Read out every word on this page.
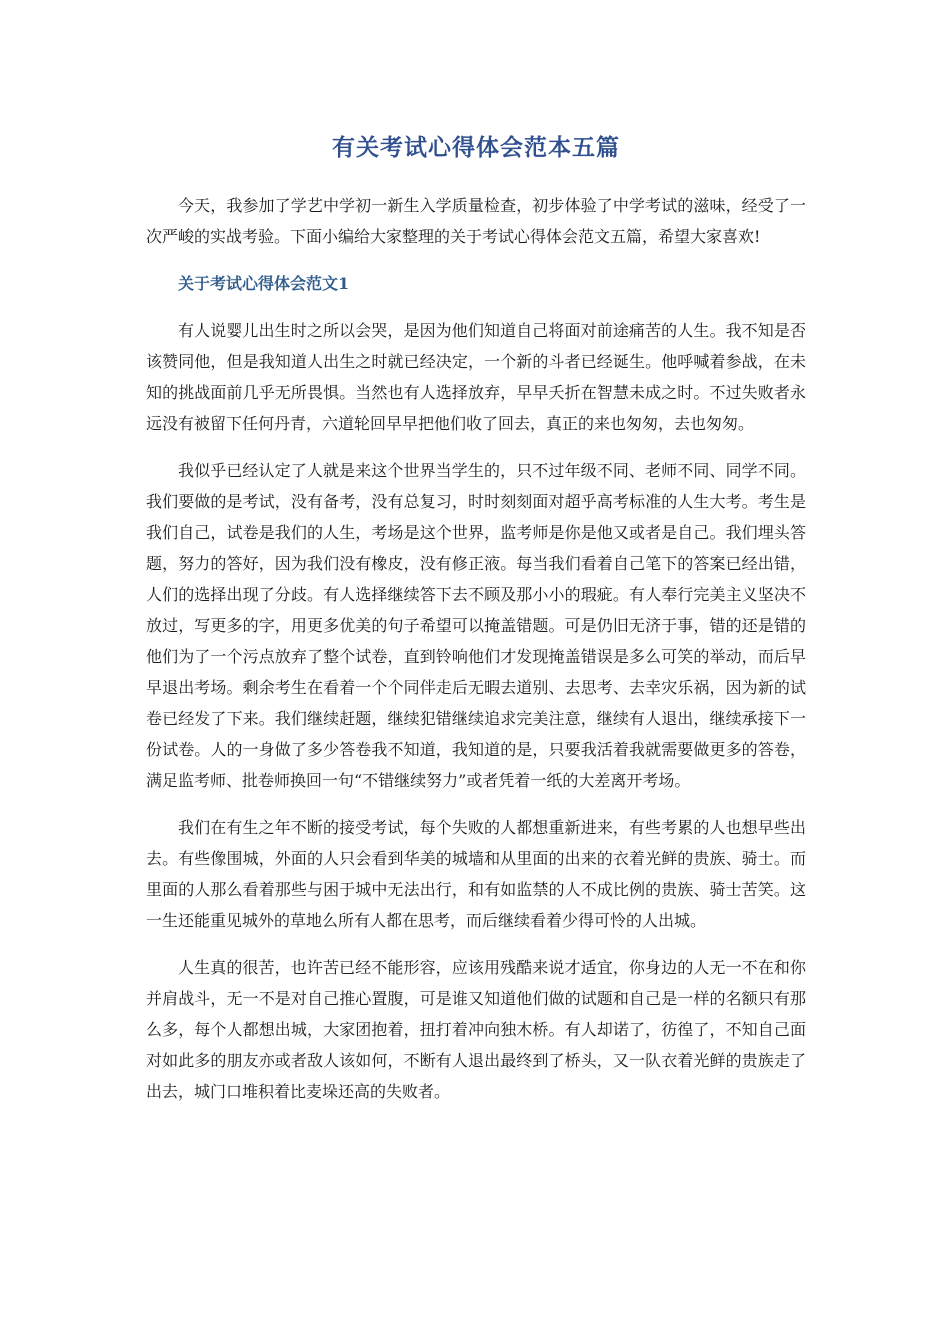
有关考试心得体会范本五篇

今天，我参加了学艺中学初一新生入学质量检查，初步体验了中学考试的滋味，经受了一次严峻的实战考验。下面小编给大家整理的关于考试心得体会范文五篇，希望大家喜欢!

关于考试心得体会范文1

有人说婴儿出生时之所以会哭，是因为他们知道自己将面对前途痛苦的人生。我不知是否该赞同他，但是我知道人出生之时就已经决定，一个新的斗者已经诞生。他呼喊着参战，在未知的挑战面前几乎无所畏惧。当然也有人选择放弃，早早夭折在智慧未成之时。不过失败者永远没有被留下任何丹青，六道轮回早早把他们收了回去，真正的来也匆匆，去也匆匆。

我似乎已经认定了人就是来这个世界当学生的，只不过年级不同、老师不同、同学不同。我们要做的是考试，没有备考，没有总复习，时时刻刻面对超乎高考标准的人生大考。考生是我们自己，试卷是我们的人生，考场是这个世界，监考师是你是他又或者是自己。我们埋头答题，努力的答好，因为我们没有橡皮，没有修正液。每当我们看着自己笔下的答案已经出错，人们的选择出现了分歧。有人选择继续答下去不顾及那小小的瑕疵。有人奉行完美主义坚决不放过，写更多的字，用更多优美的句子希望可以掩盖错题。可是仍旧无济于事，错的还是错的他们为了一个污点放弃了整个试卷，直到铃响他们才发现掩盖错误是多么可笑的举动，而后早早退出考场。剩余考生在看着一个个同伴走后无暇去道别、去思考、去幸灾乐祸，因为新的试卷已经发了下来。我们继续赶题，继续犯错继续追求完美注意，继续有人退出，继续承接下一份试卷。人的一身做了多少答卷我不知道，我知道的是，只要我活着我就需要做更多的答卷，满足监考师、批卷师换回一句“不错继续努力”或者凭着一纸的大差离开考场。

我们在有生之年不断的接受考试，每个失败的人都想重新进来，有些考累的人也想早些出去。有些像围城，外面的人只会看到华美的城墙和从里面的出来的衣着光鲜的贵族、骑士。而里面的人那么看着那些与困于城中无法出行，和有如监禁的人不成比例的贵族、骑士苦笑。这一生还能重见城外的草地么所有人都在思考，而后继续看着少得可怜的人出城。

人生真的很苦，也许苦已经不能形容，应该用残酷来说才适宜，你身边的人无一不在和你并肩战斗，无一不是对自己推心置腹，可是谁又知道他们做的试题和自己是一样的名额只有那么多，每个人都想出城，大家团抱着，扭打着冲向独木桥。有人却诺了，彷徨了，不知自己面对如此多的朋友亦或者敌人该如何，不断有人退出最终到了桥头，又一队衣着光鲜的贵族走了出去，城门口堆积着比麦垛还高的失败者。
